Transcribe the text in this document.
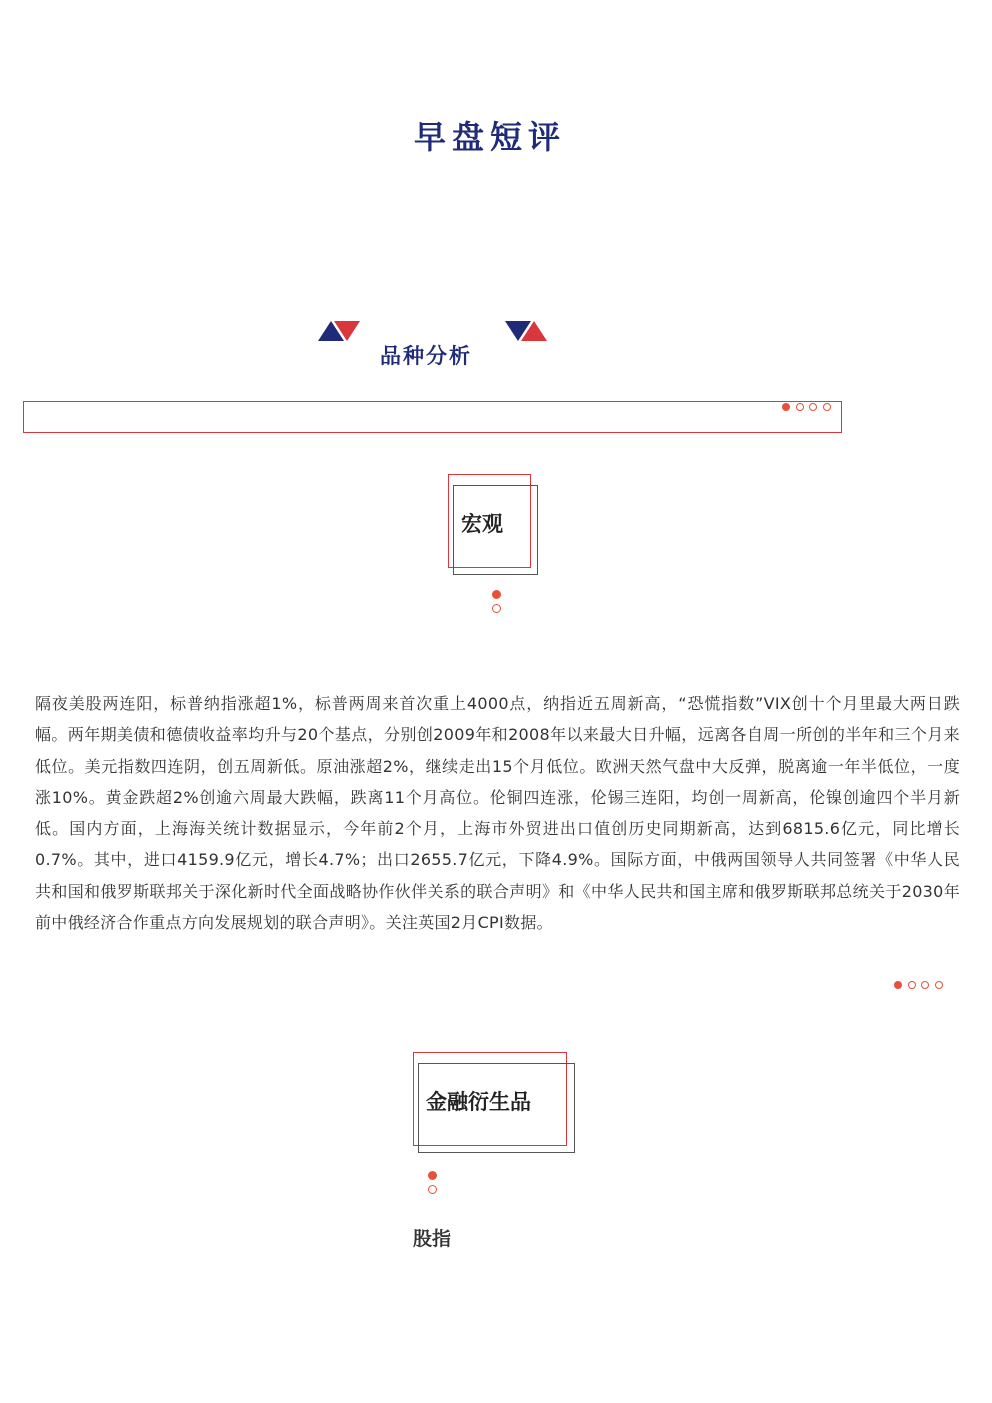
早盘短评
品种分析
宏观
隔夜美股两连阳，标普纳指涨超1%，标普两周来首次重上4000点，纳指近五周新高，“恐慌指数”VIX创十个月里最大两日跌幅。两年期美债和德债收益率均升与20个基点，分别创2009年和2008年以来最大日升幅，远离各自周一所创的半年和三个月来低位。美元指数四连阴，创五周新低。原油涨超2%，继续走出15个月低位。欧洲天然气盘中大反弹，脱离逾一年半低位，一度涨10%。黄金跌超2%创逾六周最大跌幅，跌离11个月高位。伦铜四连涨，伦锡三连阳，均创一周新高，伦镍创逾四个半月新低。国内方面，上海海关统计数据显示，今年前2个月，上海市外贸进出口值创历史同期新高，达到6815.6亿元，同比增长0.7%。其中，进口4159.9亿元，增长4.7%；出口2655.7亿元，下降4.9%。国际方面，中俄两国领导人共同签署《中华人民共和国和俄罗斯联邦关于深化新时代全面战略协作伙伴关系的联合声明》和《中华人民共和国主席和俄罗斯联邦总统关于2030年前中俄经济合作重点方向发展规划的联合声明》。关注英国2月CPI数据。
金融衍生品
股指
